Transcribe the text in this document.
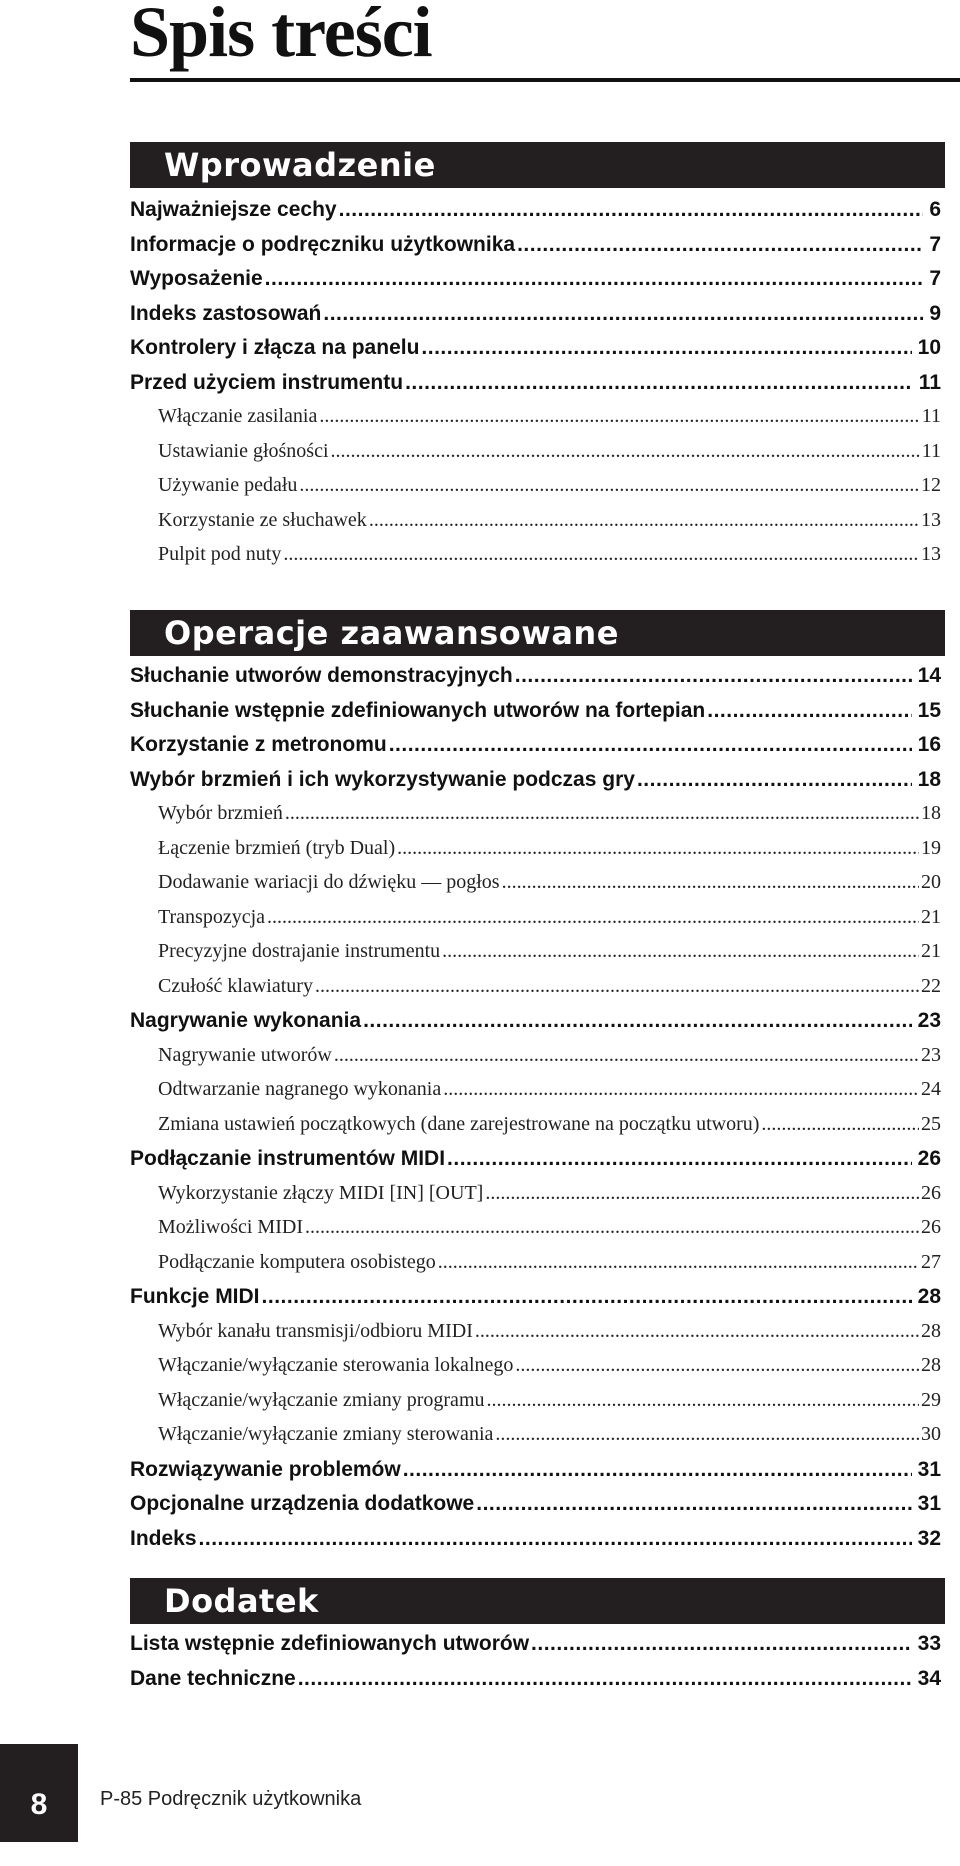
Spis treści
Wprowadzenie
Najważniejsze cechy .....	6
Informacje o podręczniku użytkownika .....	7
Wyposażenie .....	7
Indeks zastosowań .....	9
Kontrolery i złącza na panelu .....	10
Przed użyciem instrumentu .....	11
Włączanie zasilania .....	11
Ustawianie głośności .....	11
Używanie pedału .....	12
Korzystanie ze słuchawek .....	13
Pulpit pod nuty .....	13
Operacje zaawansowane
Słuchanie utworów demonstracyjnych .....	14
Słuchanie wstępnie zdefiniowanych utworów na fortepian .....	15
Korzystanie z metronomu .....	16
Wybór brzmień i ich wykorzystywanie podczas gry .....	18
Wybór brzmień .....	18
Łączenie brzmień (tryb Dual) .....	19
Dodawanie wariacji do dźwięku — pogłos .....	20
Transpozycja .....	21
Precyzyjne dostrajanie instrumentu .....	21
Czułość klawiatury .....	22
Nagrywanie wykonania .....	23
Nagrywanie utworów .....	23
Odtwarzanie nagranego wykonania .....	24
Zmiana ustawień początkowych (dane zarejestrowane na początku utworu) .....	25
Podłączanie instrumentów MIDI .....	26
Wykorzystanie złączy MIDI [IN] [OUT] .....	26
Możliwości MIDI .....	26
Podłączanie komputera osobistego .....	27
Funkcje MIDI .....	28
Wybór kanału transmisji/odbioru MIDI .....	28
Włączanie/wyłączanie sterowania lokalnego .....	28
Włączanie/wyłączanie zmiany programu .....	29
Włączanie/wyłączanie zmiany sterowania .....	30
Rozwiązywanie problemów .....	31
Opcjonalne urządzenia dodatkowe .....	31
Indeks .....	32
Dodatek
Lista wstępnie zdefiniowanych utworów .....	33
Dane techniczne .....	34
8	P-85 Podręcznik użytkownika
